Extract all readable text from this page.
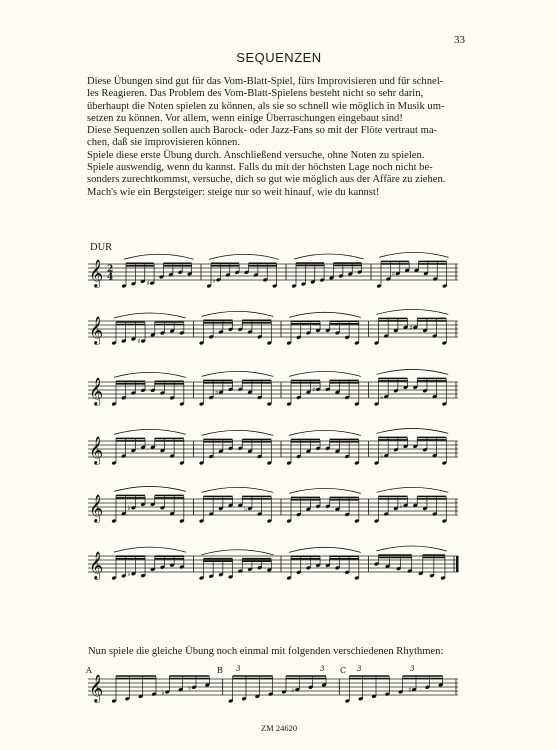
33
SEQUENZEN

Diese Übungen sind gut für das Vom-Blatt-Spiel, fürs Improvisieren und für schnel-

les Reagieren. Das Problem des Vom-Blatt-Spielens besteht nicht so sehr darin,

überhaupt die Noten spielen zu können, als sie so schnell wie möglich in Musik um-

setzen zu können. Vor allem, wenn einige Überraschungen eingebaut sind!

Diese Sequenzen sollen auch Barock- oder Jazz-Fans so mit der Flöte vertraut ma-

chen, daß sie improvisieren können.

Spiele diese erste Übung durch. Anschließend versuche, ohne Noten zu spielen.

Spiele auswendig, wenn du kannst. Falls du mit der höchsten Lage noch nicht be-

sonders zurechtkommst, versuche, dich so gut wie möglich aus der Affäre zu ziehen.

Mach's wie ein Bergsteiger: steige nur so weit hinauf, wie du kannst!

DUR
𝄞 2
4
♯	♭
♯
𝄞	♯
♯
𝄞	♯	♯
♭
𝄞	♭
𝄞	♭	♭	♭
𝄞	♭
Nun spiele die gleiche Übung noch einmal mit folgenden verschiedenen Rhythmen:
𝄞	♭
♭	♭	♯
A	B	C
3	3	3	3
ZM 24620
